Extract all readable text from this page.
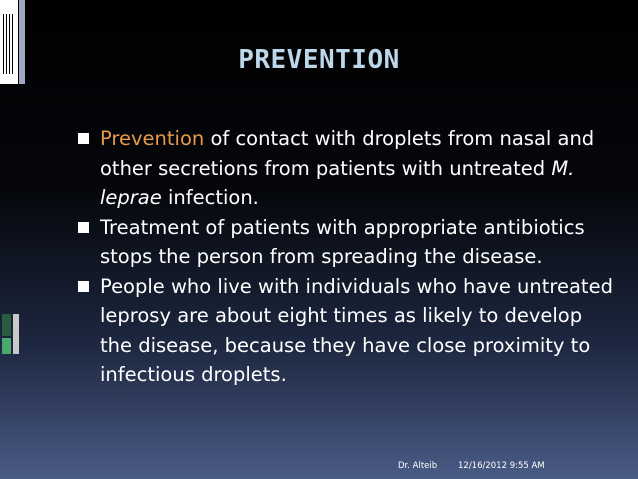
PREVENTION

Prevention of contact with droplets from nasal and other secretions from patients with untreated M. leprae infection.

Treatment of patients with appropriate antibiotics stops the person from spreading the disease.

People who live with individuals who have untreated leprosy are about eight times as likely to develop the disease, because they have close proximity to infectious droplets.

Dr. Alteib 12/16/2012 9:55 AM
